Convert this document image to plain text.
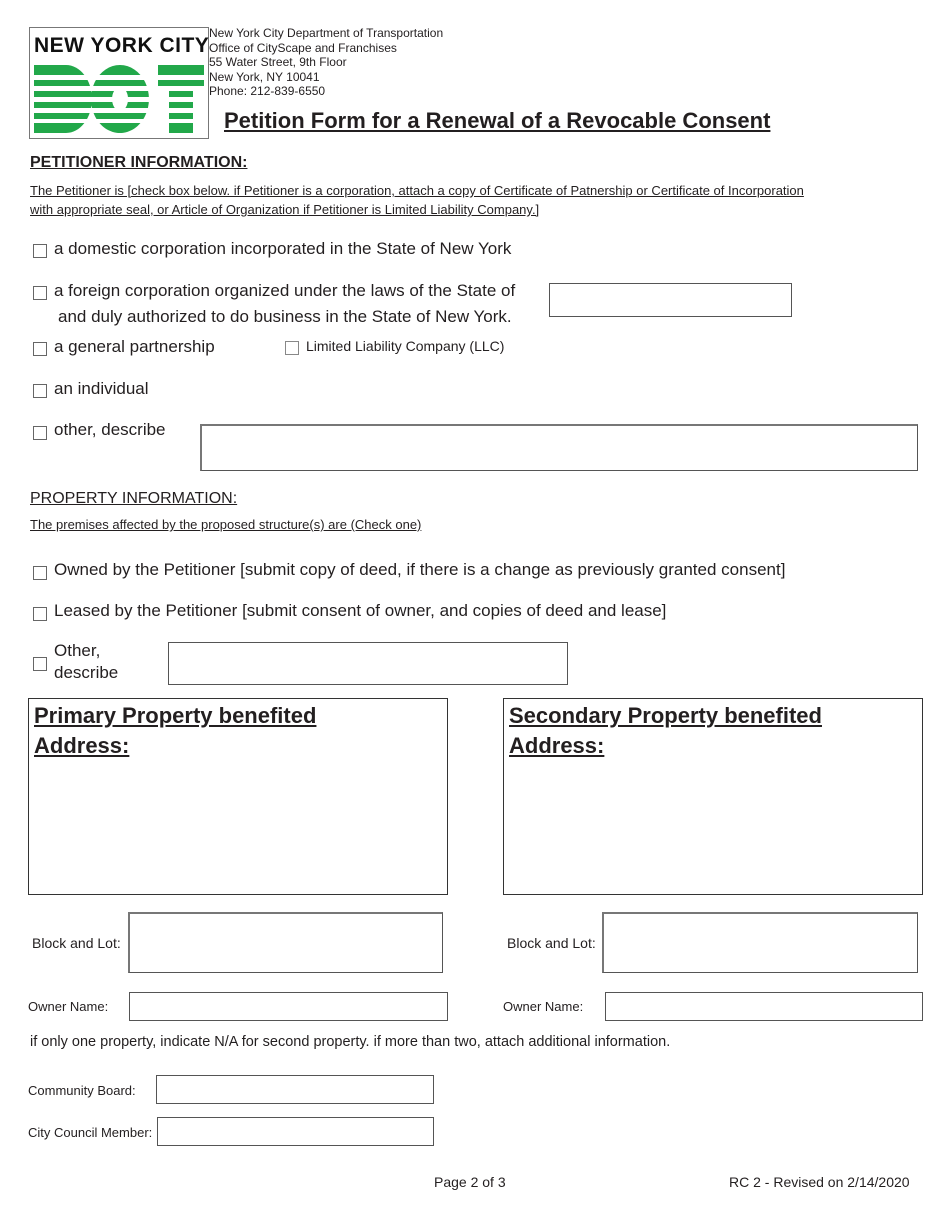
NEW YORK CITY
New York City Department of Transportation
Office of CityScape and Franchises
55 Water Street, 9th Floor
New York, NY 10041
Phone: 212-839-6550
Petition Form for a Renewal of a Revocable Consent
PETITIONER INFORMATION:
The Petitioner is [check box below. if Petitioner is a corporation, attach a copy of Certificate of Patnership or Certificate of Incorporation
with appropriate seal, or Article of Organization if Petitioner is Limited Liability Company.]
a domestic corporation incorporated in the State of New York
a foreign corporation organized under the laws of the State of
and duly authorized to do business in the State of New York.
a general partnership	Limited Liability Company (LLC)
an individual
other, describe
PROPERTY INFORMATION:
The premises affected by the proposed structure(s) are (Check one)
Owned by the Petitioner [submit copy of deed, if there is a change as previously granted consent]
Leased by the Petitioner [submit consent of owner, and copies of deed and lease]
Other,
describe
Primary Property benefited
Address:
Secondary Property benefited
Address:
Block and Lot:	Block and Lot:
Owner Name:	Owner Name:
if only one property, indicate N/A for second property. if more than two, attach additional information.
Community Board:
City Council Member:
Page 2 of 3	RC 2 - Revised on 2/14/2020
